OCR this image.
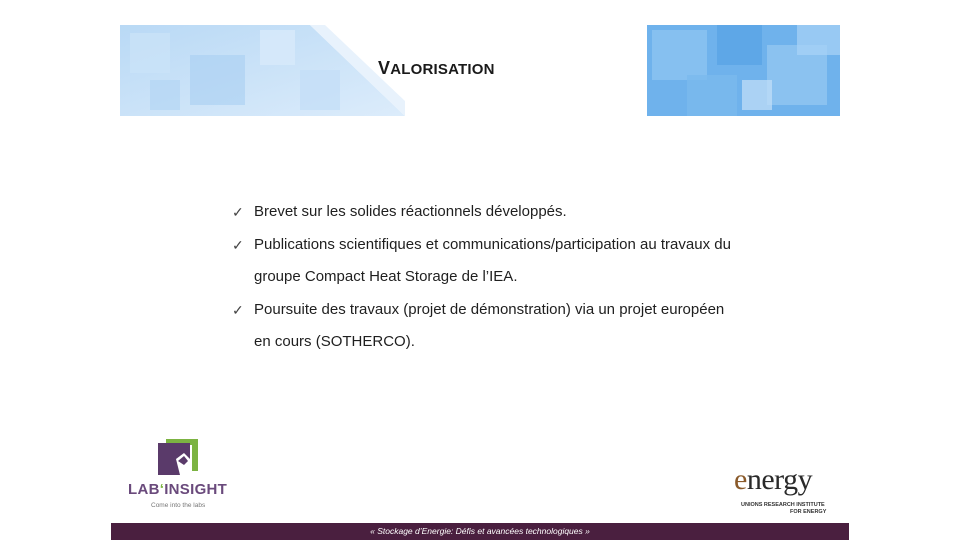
VALORISATION
✓ Brevet sur les solides réactionnels développés.
✓ Publications scientifiques et communications/participation au travaux du
groupe Compact Heat Storage de l’IEA.
✓ Poursuite des travaux (projet de démonstration) via un projet européen
en cours (SOTHERCO).
LAB‘INSIGHT
Come into the labs
energy
UNIONS RESEARCH INSTITUTE
FOR ENERGY
« Stockage d’Energie: Défis et avancées technologiques »
